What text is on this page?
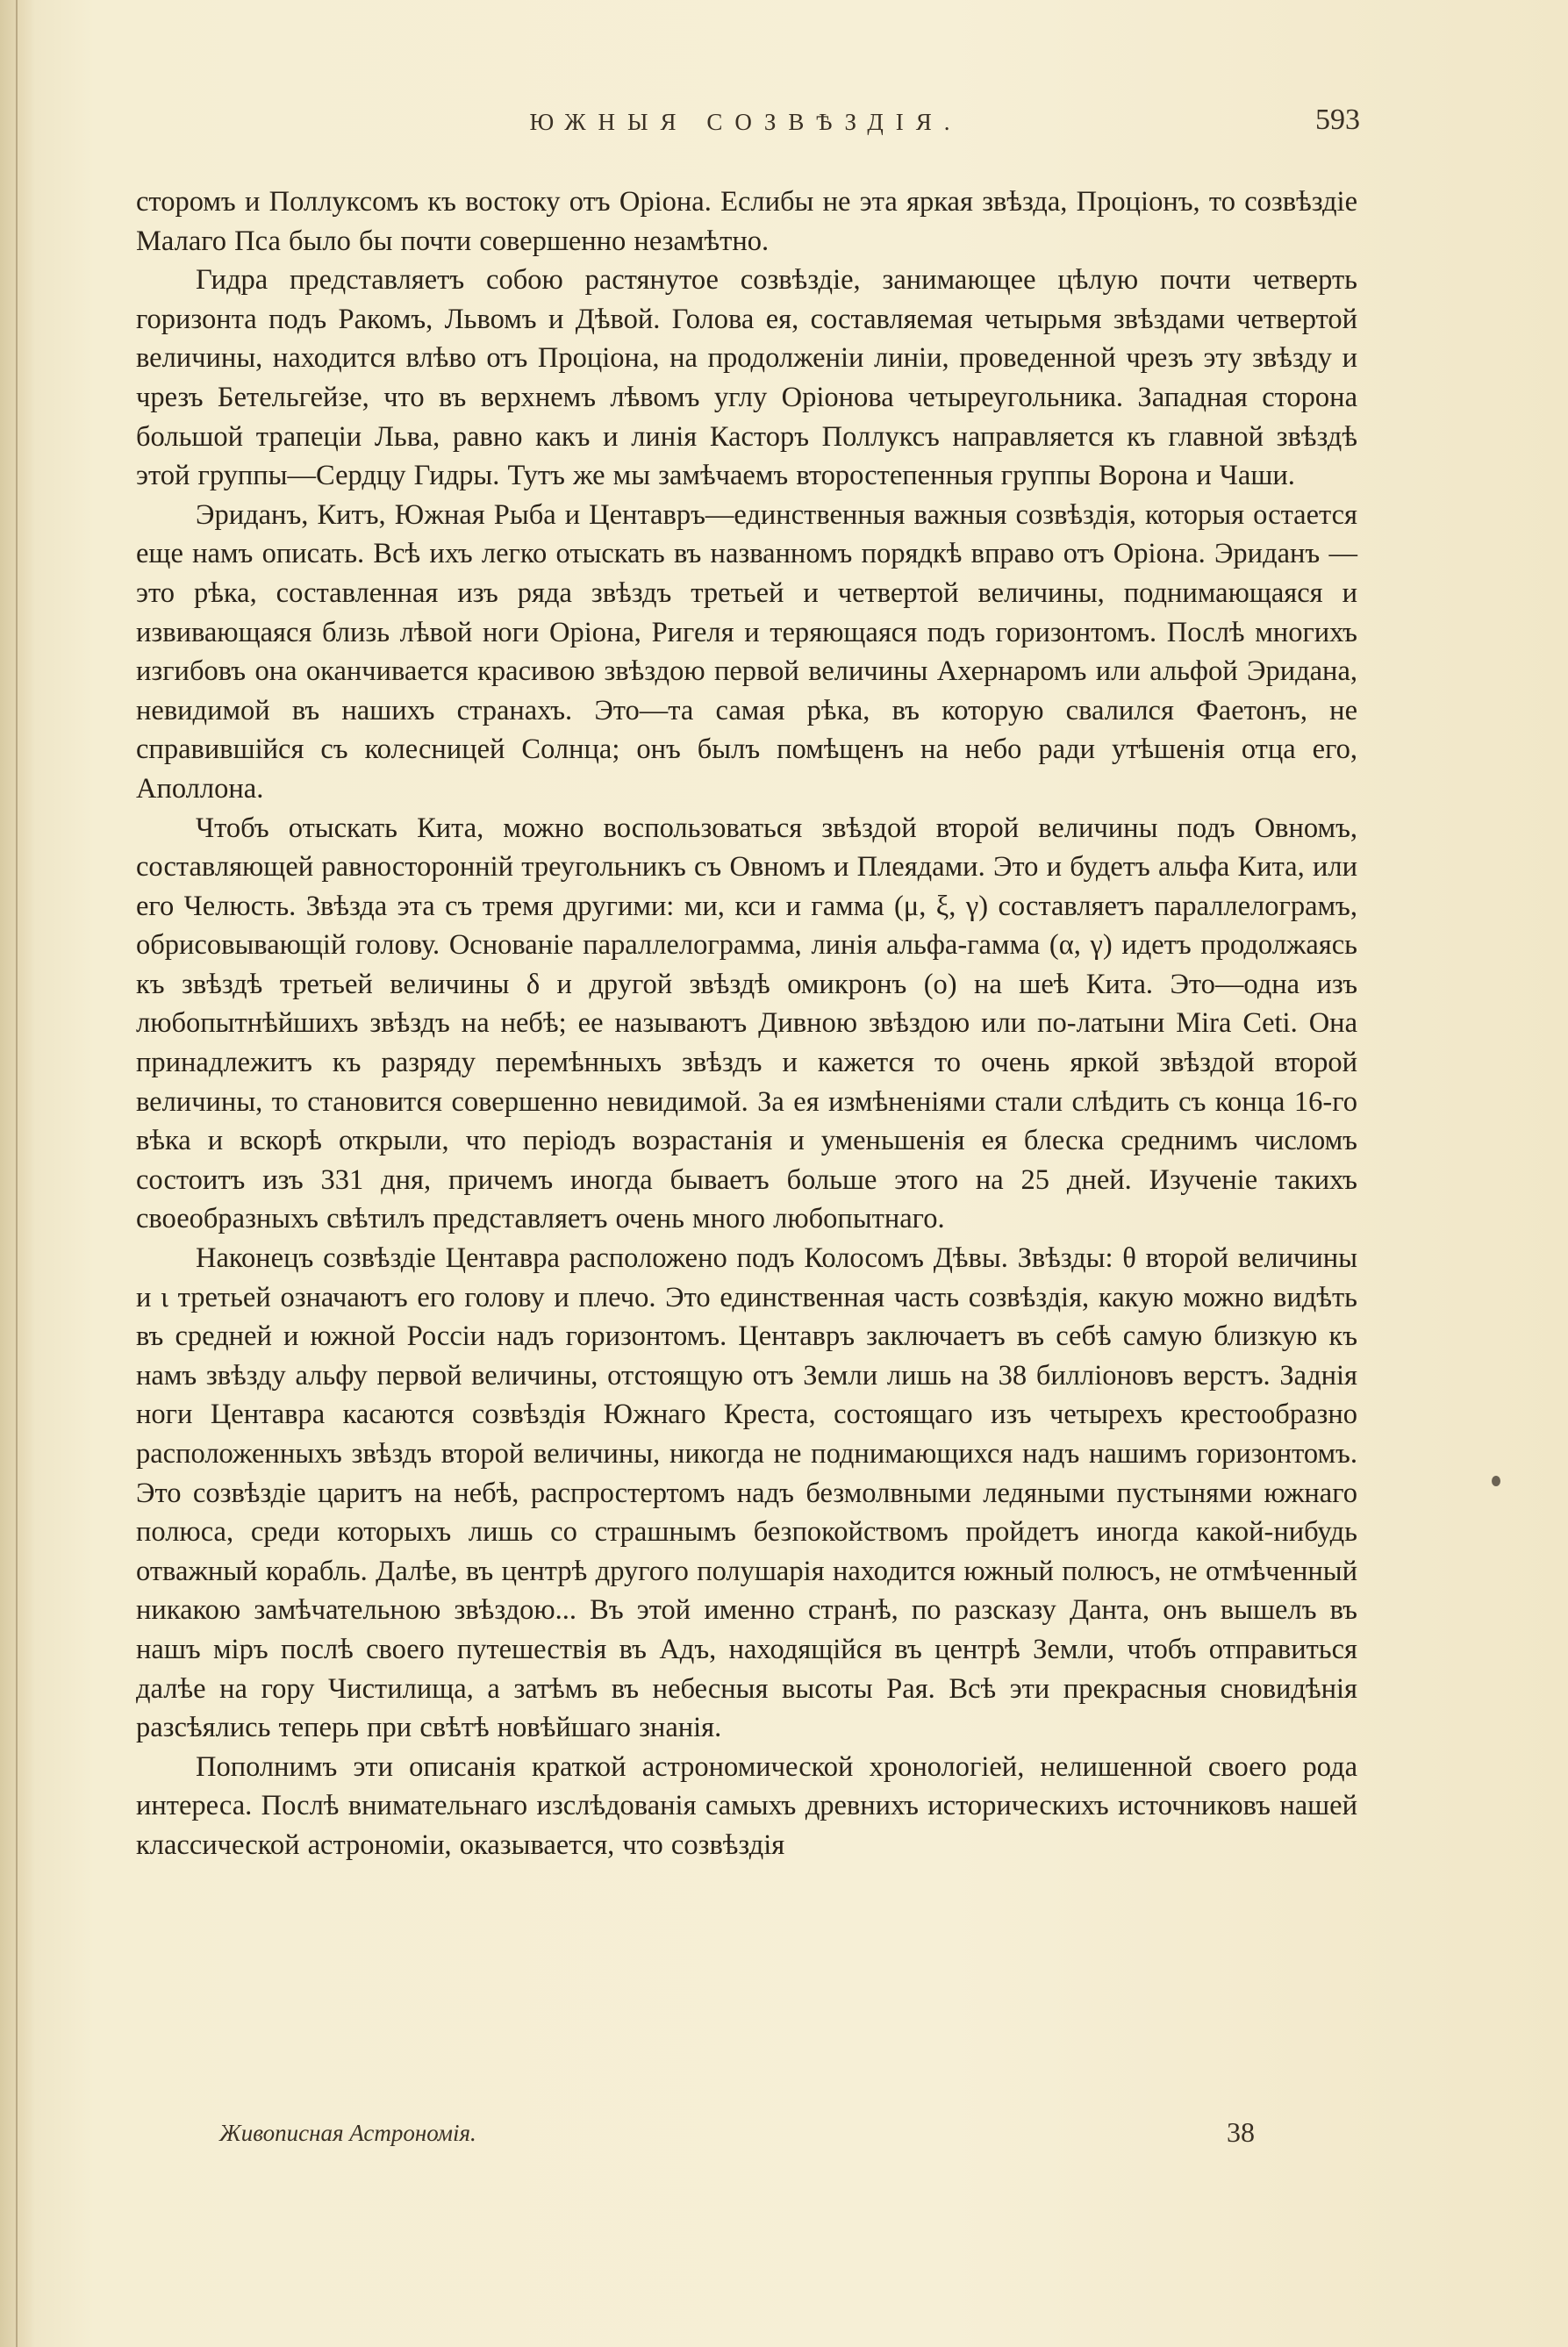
ЮЖНЫЯ СОЗВѢЗДІЯ.	593

сторомъ и Поллуксомъ къ востоку отъ Оріона. Еслибы не эта яркая звѣзда, Проціонъ, то созвѣздіе Малаго Пса было бы почти совершенно незамѣтно.

Гидра представляетъ собою растянутое созвѣздіе, занимающее цѣлую почти четверть горизонта подъ Ракомъ, Львомъ и Дѣвой. Голова ея, составляемая четырьмя звѣздами четвертой величины, находится влѣво отъ Проціона, на продолженіи линіи, проведенной чрезъ эту звѣзду и чрезъ Бетельгейзе, что въ верхнемъ лѣвомъ углу Оріонова четыреугольника. Западная сторона большой трапеціи Льва, равно какъ и линія Касторъ Поллуксъ направляется къ главной звѣздѣ этой группы—Сердцу Гидры. Тутъ же мы замѣчаемъ второстепенныя группы Ворона и Чаши.

Эриданъ, Китъ, Южная Рыба и Центавръ—единственныя важныя созвѣздія, которыя остается еще намъ описать. Всѣ ихъ легко отыскать въ названномъ порядкѣ вправо отъ Оріона. Эриданъ — это рѣка, составленная изъ ряда звѣздъ третьей и четвертой величины, поднимающаяся и извивающаяся близь лѣвой ноги Оріона, Ригеля и теряющаяся подъ горизонтомъ. Послѣ многихъ изгибовъ она оканчивается красивою звѣздою первой величины Ахернаромъ или альфой Эридана, невидимой въ нашихъ странахъ. Это—та самая рѣка, въ которую свалился Фаетонъ, не справившійся съ колесницей Солнца; онъ былъ помѣщенъ на небо ради утѣшенія отца его, Аполлона.

Чтобъ отыскать Кита, можно воспользоваться звѣздой второй величины подъ Овномъ, составляющей равносторонній треугольникъ съ Овномъ и Плеядами. Это и будетъ альфа Кита, или его Челюсть. Звѣзда эта съ тремя другими: ми, кси и гамма (μ, ξ, γ) составляетъ параллелограмъ, обрисовывающій голову. Основаніе параллелограмма, линія альфа-гамма (α, γ) идетъ продолжаясь къ звѣздѣ третьей величины δ и другой звѣздѣ омикронъ (ο) на шеѣ Кита. Это—одна изъ любопытнѣйшихъ звѣздъ на небѣ; ее называютъ Дивною звѣздою или по-латыни Mira Ceti. Она принадлежитъ къ разряду перемѣнныхъ звѣздъ и кажется то очень яркой звѣздой второй величины, то становится совершенно невидимой. За ея измѣненіями стали слѣдить съ конца 16-го вѣка и вскорѣ открыли, что періодъ возрастанія и уменьшенія ея блеска среднимъ числомъ состоитъ изъ 331 дня, причемъ иногда бываетъ больше этого на 25 дней. Изученіе такихъ своеобразныхъ свѣтилъ представляетъ очень много любопытнаго.

Наконецъ созвѣздіе Центавра расположено подъ Колосомъ Дѣвы. Звѣзды: θ второй величины и ι третьей означаютъ его голову и плечо. Это единственная часть созвѣздія, какую можно видѣть въ средней и южной Россіи надъ горизонтомъ. Центавръ заключаетъ въ себѣ самую близкую къ намъ звѣзду альфу первой величины, отстоящую отъ Земли лишь на 38 билліоновъ верстъ. Заднія ноги Центавра касаются созвѣздія Южнаго Креста, состоящаго изъ четырехъ крестообразно расположенныхъ звѣздъ второй величины, никогда не поднимающихся надъ нашимъ горизонтомъ. Это созвѣздіе царитъ на небѣ, распростертомъ надъ безмолвными ледяными пустынями южнаго полюса, среди которыхъ лишь со страшнымъ безпокойствомъ пройдетъ иногда какой-нибудь отважный корабль. Далѣе, въ центрѣ другого полушарія находится южный полюсъ, не отмѣченный никакою замѣчательною звѣздою... Въ этой именно странѣ, по разсказу Данта, онъ вышелъ въ нашъ міръ послѣ своего путешествія въ Адъ, находящійся въ центрѣ Земли, чтобъ отправиться далѣе на гору Чистилища, а затѣмъ въ небесныя высоты Рая. Всѣ эти прекрасныя сновидѣнія разсѣялись теперь при свѣтѣ новѣйшаго знанія.

Пополнимъ эти описанія краткой астрономической хронологіей, нелишенной своего рода интереса. Послѣ внимательнаго изслѣдованія самыхъ древнихъ историческихъ источниковъ нашей классической астрономіи, оказывается, что созвѣздія

Живописная Астрономія.	38
